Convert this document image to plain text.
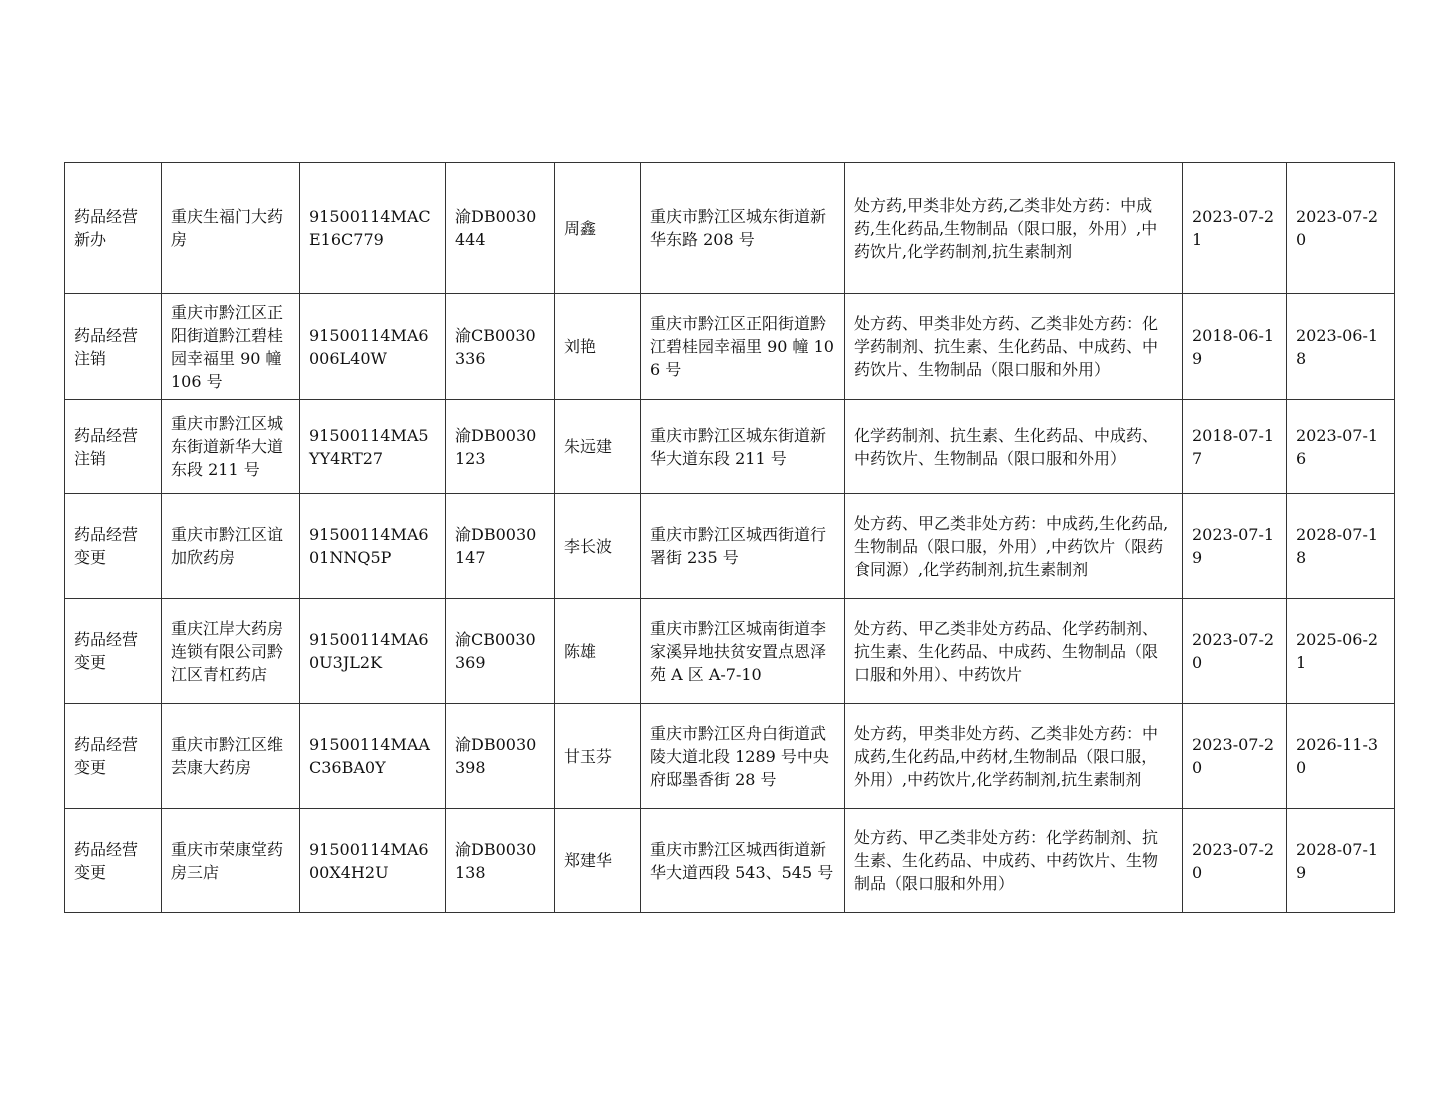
药品经营新办	重庆生福门大药房	91500114MACE16C779	渝DB0030444	周鑫	重庆市黔江区城东街道新华东路 208 号	处方药,甲类非处方药,乙类非处方药：中成药,生化药品,生物制品（限口服，外用）,中药饮片,化学药制剂,抗生素制剂	2023-07-21	2023-07-20
药品经营注销	重庆市黔江区正阳街道黔江碧桂园幸福里 90 幢 106 号	91500114MA6006L40W	渝CB0030336	刘艳	重庆市黔江区正阳街道黔江碧桂园幸福里 90 幢 106 号	处方药、甲类非处方药、乙类非处方药：化学药制剂、抗生素、生化药品、中成药、中药饮片、生物制品（限口服和外用）	2018-06-19	2023-06-18
药品经营注销	重庆市黔江区城东街道新华大道东段 211 号	91500114MA5YY4RT27	渝DB0030123	朱远建	重庆市黔江区城东街道新华大道东段 211 号	化学药制剂、抗生素、生化药品、中成药、中药饮片、生物制品（限口服和外用）	2018-07-17	2023-07-16
药品经营变更	重庆市黔江区谊加欣药房	91500114MA601NNQ5P	渝DB0030147	李长波	重庆市黔江区城西街道行署街 235 号	处方药、甲乙类非处方药：中成药,生化药品,生物制品（限口服，外用）,中药饮片（限药食同源）,化学药制剂,抗生素制剂	2023-07-19	2028-07-18
药品经营变更	重庆江岸大药房连锁有限公司黔江区青杠药店	91500114MA60U3JL2K	渝CB0030369	陈雄	重庆市黔江区城南街道李家溪异地扶贫安置点恩泽苑 A 区 A-7-10	处方药、甲乙类非处方药品、化学药制剂、抗生素、生化药品、中成药、生物制品（限口服和外用）、中药饮片	2023-07-20	2025-06-21
药品经营变更	重庆市黔江区维芸康大药房	91500114MAAC36BA0Y	渝DB0030398	甘玉芬	重庆市黔江区舟白街道武陵大道北段 1289 号中央府邸墨香街 28 号	处方药，甲类非处方药、乙类非处方药：中成药,生化药品,中药材,生物制品（限口服，外用）,中药饮片,化学药制剂,抗生素制剂	2023-07-20	2026-11-30
药品经营变更	重庆市荣康堂药房三店	91500114MA600X4H2U	渝DB0030138	郑建华	重庆市黔江区城西街道新华大道西段 543、545 号	处方药、甲乙类非处方药：化学药制剂、抗生素、生化药品、中成药、中药饮片、生物制品（限口服和外用）	2023-07-20	2028-07-19
